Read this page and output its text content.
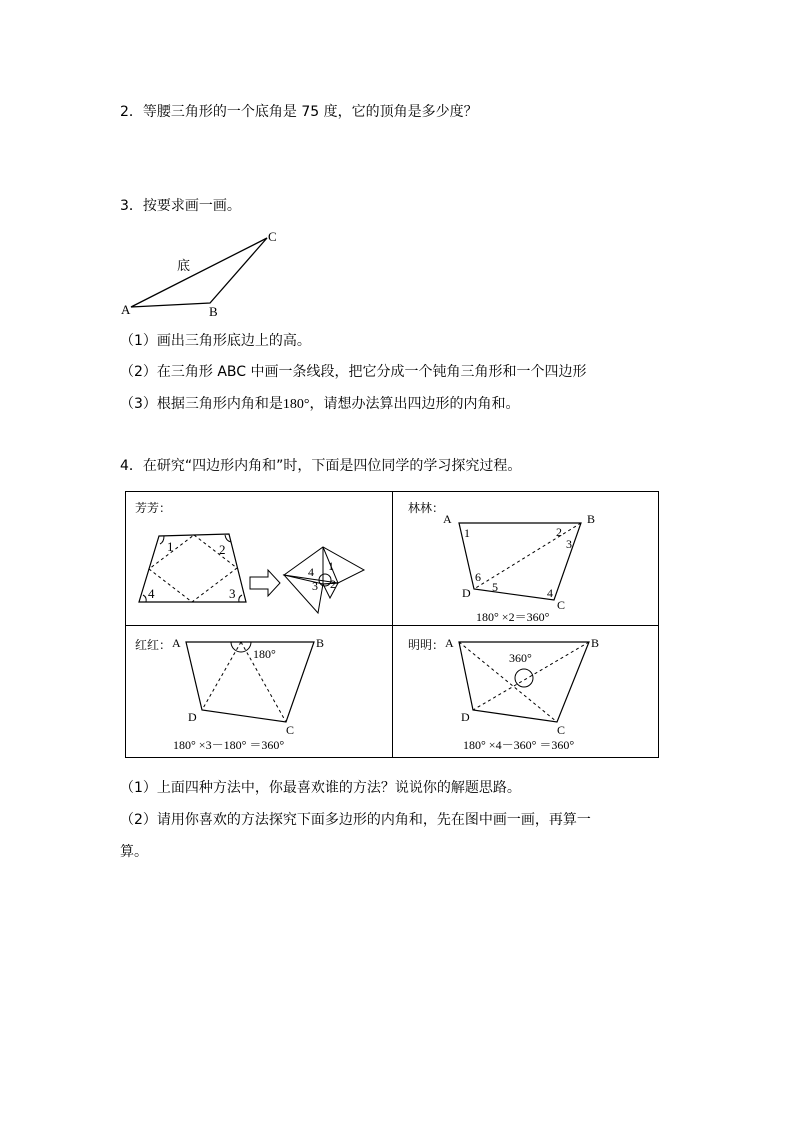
2．等腰三角形的一个底角是 75 度，它的顶角是多少度？
3．按要求画一画。
A	B
C
底
（1）画出三角形底边上的高。
（2）在三角形 ABC 中画一条线段，把它分成一个钝角三角形和一个四边形
（3）根据三角形内角和是180°，请想办法算出四边形的内角和。
4．在研究“四边形内角和”时，下面是四位同学的学习探究过程。
芳芳：
1	2
3
4
4 1
3 2
林林：
A	B
C
D
1	2
3
4
5
6
180° ×2＝360°
红红： A	B
C
D
180°
180° ×3－180° ＝360°
明明： A	B
C
D
360°
180° ×4－360° ＝360°
（1）上面四种方法中，你最喜欢谁的方法？说说你的解题思路。
（2）请用你喜欢的方法探究下面多边形的内角和，先在图中画一画，再算一
算。
